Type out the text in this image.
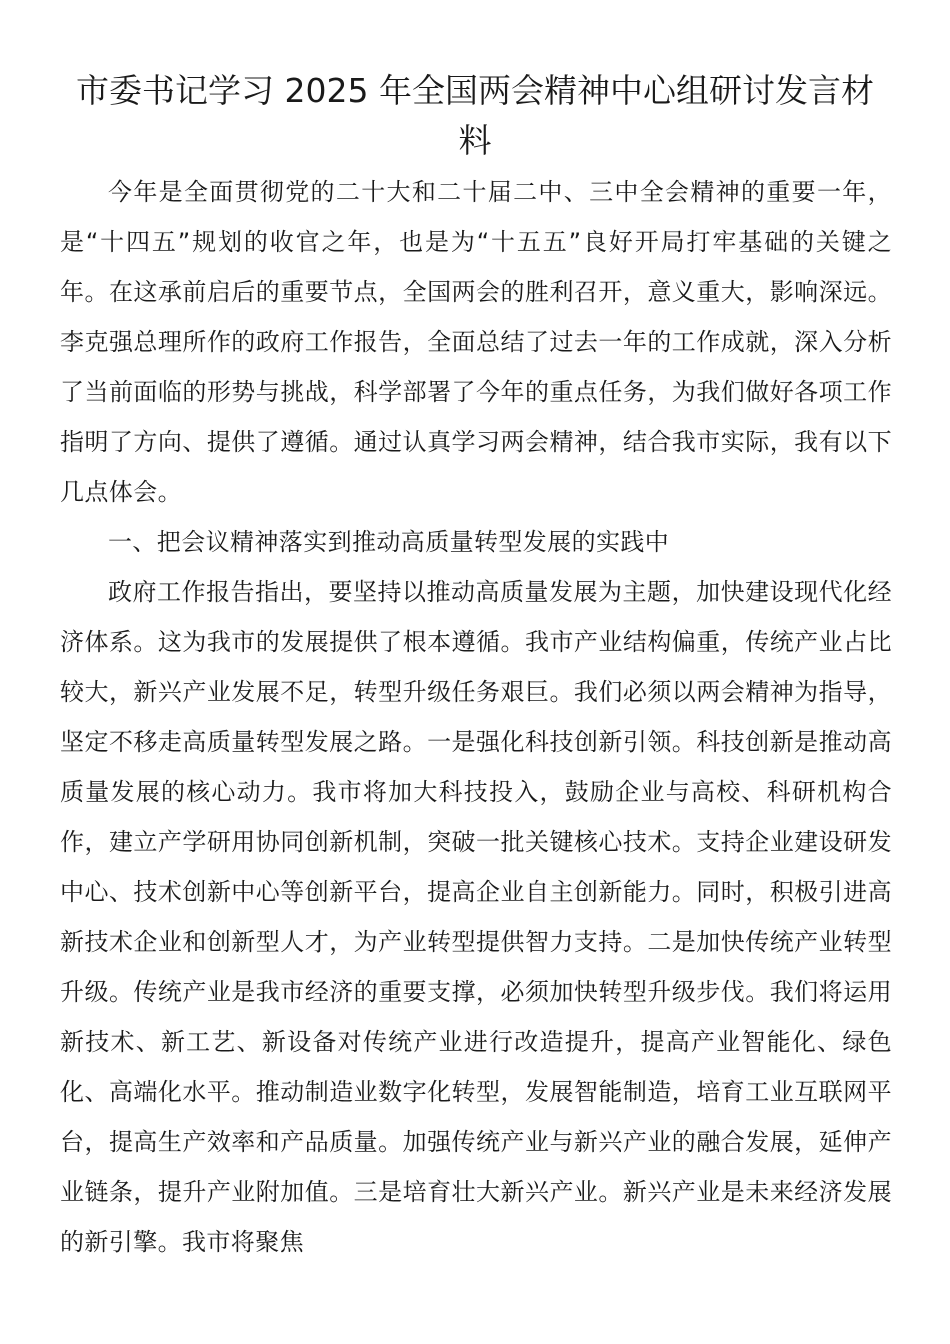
市委书记学习 2025 年全国两会精神中心组研讨发言材料

今年是全面贯彻党的二十大和二十届二中、三中全会精神的重要一年，是“十四五”规划的收官之年，也是为“十五五”良好开局打牢基础的关键之年。在这承前启后的重要节点，全国两会的胜利召开，意义重大，影响深远。李克强总理所作的政府工作报告，全面总结了过去一年的工作成就，深入分析了当前面临的形势与挑战，科学部署了今年的重点任务，为我们做好各项工作指明了方向、提供了遵循。通过认真学习两会精神，结合我市实际，我有以下几点体会。

一、把会议精神落实到推动高质量转型发展的实践中

政府工作报告指出，要坚持以推动高质量发展为主题，加快建设现代化经济体系。这为我市的发展提供了根本遵循。我市产业结构偏重，传统产业占比较大，新兴产业发展不足，转型升级任务艰巨。我们必须以两会精神为指导，坚定不移走高质量转型发展之路。一是强化科技创新引领。科技创新是推动高质量发展的核心动力。我市将加大科技投入，鼓励企业与高校、科研机构合作，建立产学研用协同创新机制，突破一批关键核心技术。支持企业建设研发中心、技术创新中心等创新平台，提高企业自主创新能力。同时，积极引进高新技术企业和创新型人才，为产业转型提供智力支持。二是加快传统产业转型升级。传统产业是我市经济的重要支撑，必须加快转型升级步伐。我们将运用新技术、新工艺、新设备对传统产业进行改造提升，提高产业智能化、绿色化、高端化水平。推动制造业数字化转型，发展智能制造，培育工业互联网平台，提高生产效率和产品质量。加强传统产业与新兴产业的融合发展，延伸产业链条，提升产业附加值。三是培育壮大新兴产业。新兴产业是未来经济发展的新引擎。我市将聚焦
